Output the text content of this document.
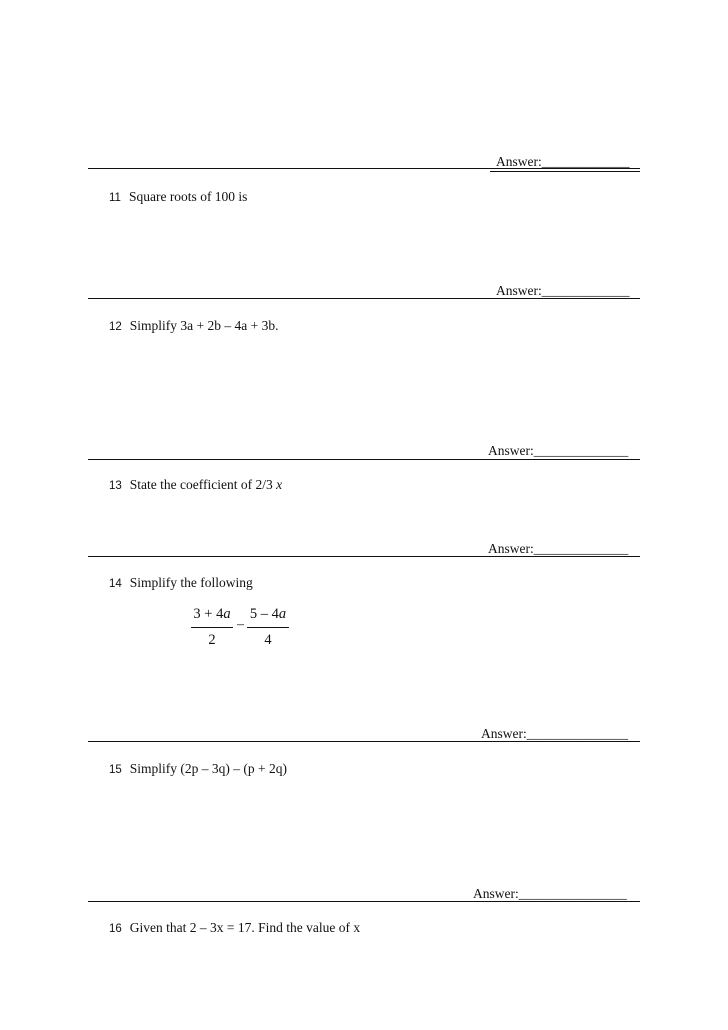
Answer:_____________
11 Square roots of 100 is
Answer:_____________
12 Simplify 3a + 2b – 4a + 3b.
Answer:______________
13 State the coefficient of 2/3 x
Answer:______________
14 Simplify the following
$\frac{3 + 4a}{2} - \frac{5 - 4a}{4}$
Answer:_______________
15 Simplify (2p – 3q) – (p + 2q)
Answer:________________
16 Given that 2 – 3x = 17. Find the value of x
